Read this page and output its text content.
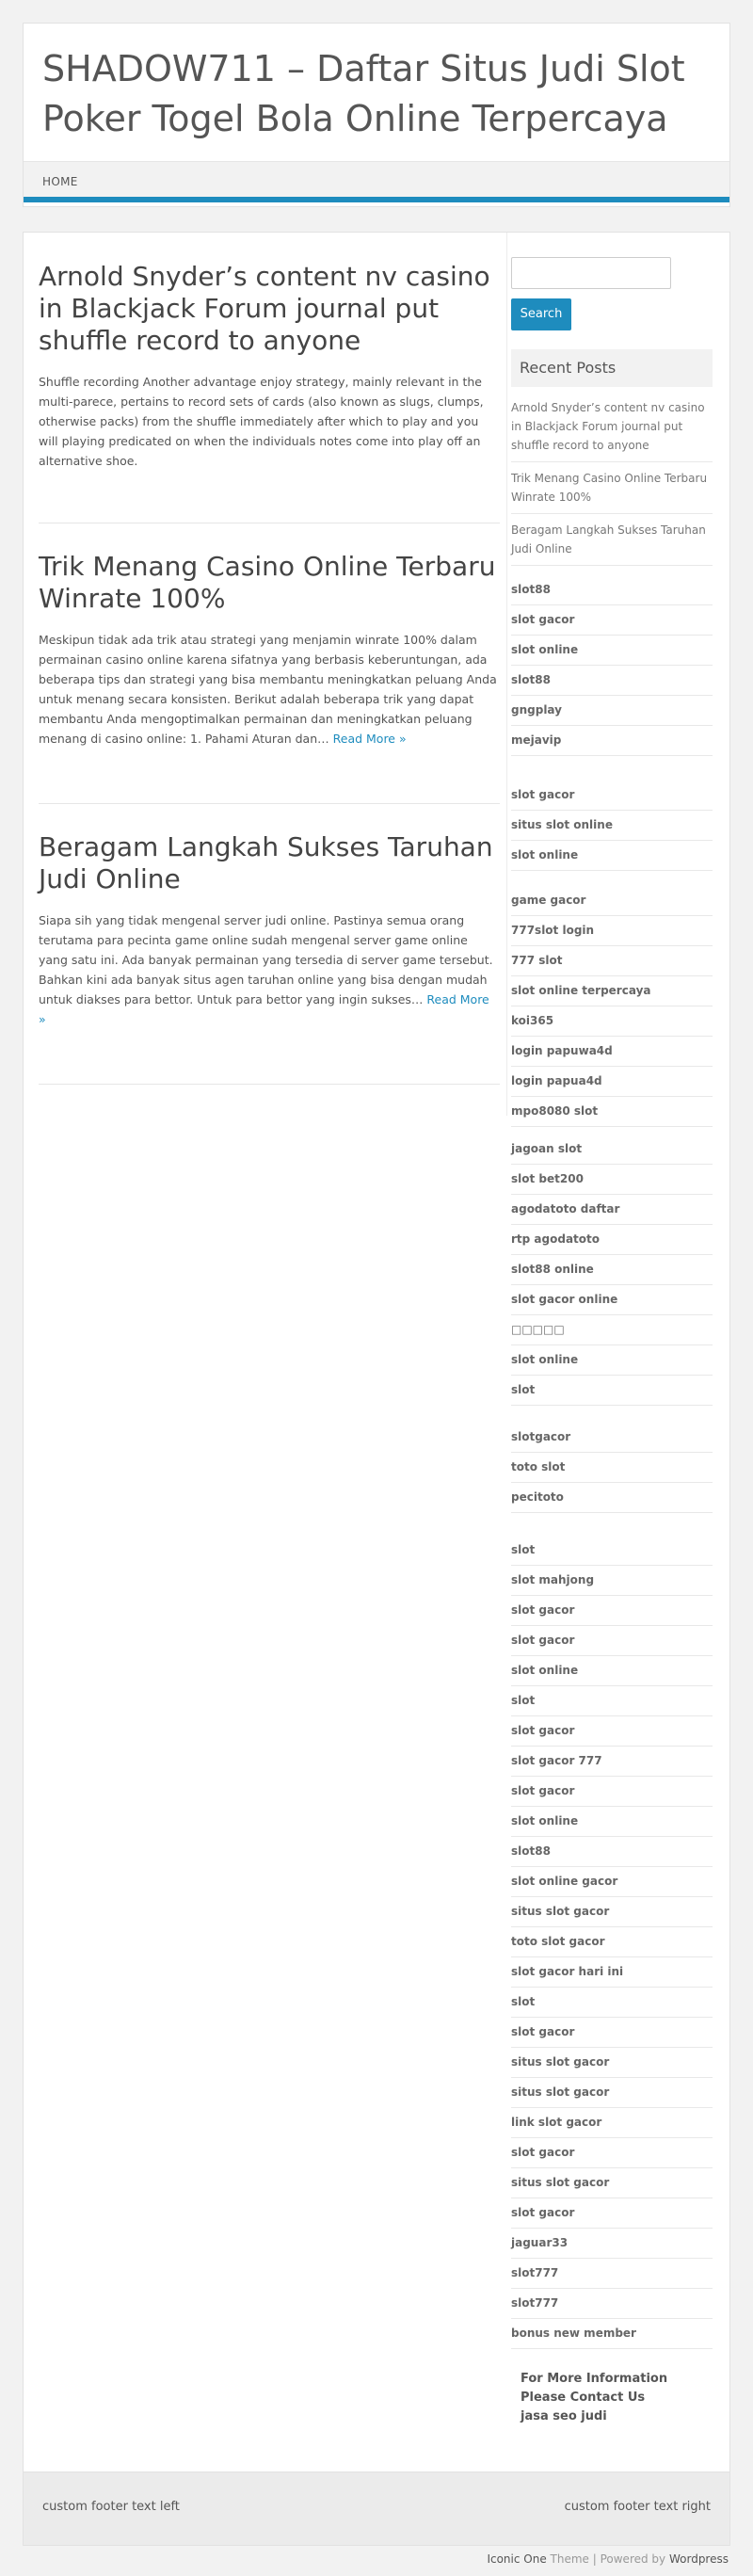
SHADOW711 – Daftar Situs Judi Slot Poker Togel Bola Online Terpercaya
HOME
Arnold Snyder’s content nv casino in Blackjack Forum journal put shuffle record to anyone

Shuffle recording Another advantage enjoy strategy, mainly relevant in the multi-parece, pertains to record sets of cards (also known as slugs, clumps, otherwise packs) from the shuffle immediately after which to play and you will playing predicated on when the individuals notes come into play off an alternative shoe.

Trik Menang Casino Online Terbaru Winrate 100%

Meskipun tidak ada trik atau strategi yang menjamin winrate 100% dalam permainan casino online karena sifatnya yang berbasis keberuntungan, ada beberapa tips dan strategi yang bisa membantu meningkatkan peluang Anda untuk menang secara konsisten. Berikut adalah beberapa trik yang dapat membantu Anda mengoptimalkan permainan dan meningkatkan peluang menang di casino online: 1. Pahami Aturan dan… Read More »

Beragam Langkah Sukses Taruhan Judi Online

Siapa sih yang tidak mengenal server judi online. Pastinya semua orang terutama para pecinta game online sudah mengenal server game online yang satu ini. Ada banyak permainan yang tersedia di server game tersebut. Bahkan kini ada banyak situs agen taruhan online yang bisa dengan mudah untuk diakses para bettor. Untuk para bettor yang ingin sukses… Read More »

Search
Recent Posts
Arnold Snyder’s content nv casino in Blackjack Forum journal put shuffle record to anyone
Trik Menang Casino Online Terbaru Winrate 100%
Beragam Langkah Sukses Taruhan Judi Online
slot88
slot gacor
slot online
slot88
gngplay
mejavip
slot gacor
situs slot online
slot online
game gacor
777slot login
777 slot
slot online terpercaya
koi365
login papuwa4d
login papua4d
mpo8080 slot
jagoan slot
slot bet200
agodatoto daftar
rtp agodatoto
slot88 online
slot gacor online
□□□□□
slot online
slot
slotgacor
toto slot
pecitoto
slot
slot mahjong
slot gacor
slot gacor
slot online
slot
slot gacor
slot gacor 777
slot gacor
slot online
slot88
slot online gacor
situs slot gacor
toto slot gacor
slot gacor hari ini
slot
slot gacor
situs slot gacor
situs slot gacor
link slot gacor
slot gacor
situs slot gacor
slot gacor
jaguar33
slot777
slot777
bonus new member
For More Information
Please Contact Us
jasa seo judi
custom footer text left	custom footer text right
Iconic One Theme | Powered by Wordpress
